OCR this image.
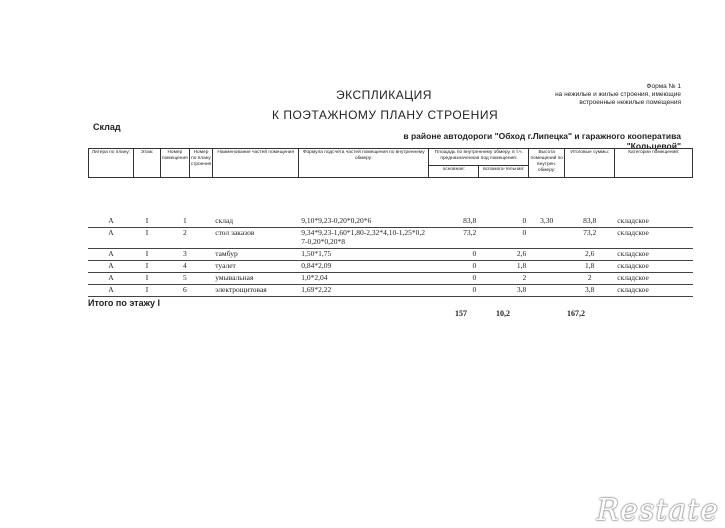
Форма № 1
на нежилые и жилые строения, имеющие
встроенные нежилые помещения
ЭКСПЛИКАЦИЯ
К ПОЭТАЖНОМУ ПЛАНУ СТРОЕНИЯ
Склад
в районе автодороги "Обход г.Липецка" и гаражного кооператива
"Кольцевой"
Литера по плану:	Этаж:	Номер помещения	Номер по плану строения	Наименование частей помещения	Формула подсчета частей помещения по внутреннему обмеру:	Площадь по внутреннему обмеру, в т.ч. предназначенная под помещения:		Высота помещений по внутрен. обмеру:	Итоговые суммы:	Категории помещений:
						основная:	вспомога-тельная:			

А	I	1		склад	9,10*9,23-0,20*0,20*6	83,8	0	3,30	83,8	складское
А	I	2		стол заказов	9,34*9,23-1,60*1,80-2,32*4,10-1,25*0,27-0,20*0,20*8	73,2	0		73,2	складское
А	I	3		тамбур	1,50*1,75	0	2,6		2,6	складское
А	I	4		туалет	0,84*2,09	0	1,8		1,8	складское
А	I	5		умывальная	1,0*2,04	0	2		2	складское
А	I	6		электрощитовая	1,69*2,22	0	3,8		3,8	складское
Итого по этажу I
157	10,2	167,2
Restate
